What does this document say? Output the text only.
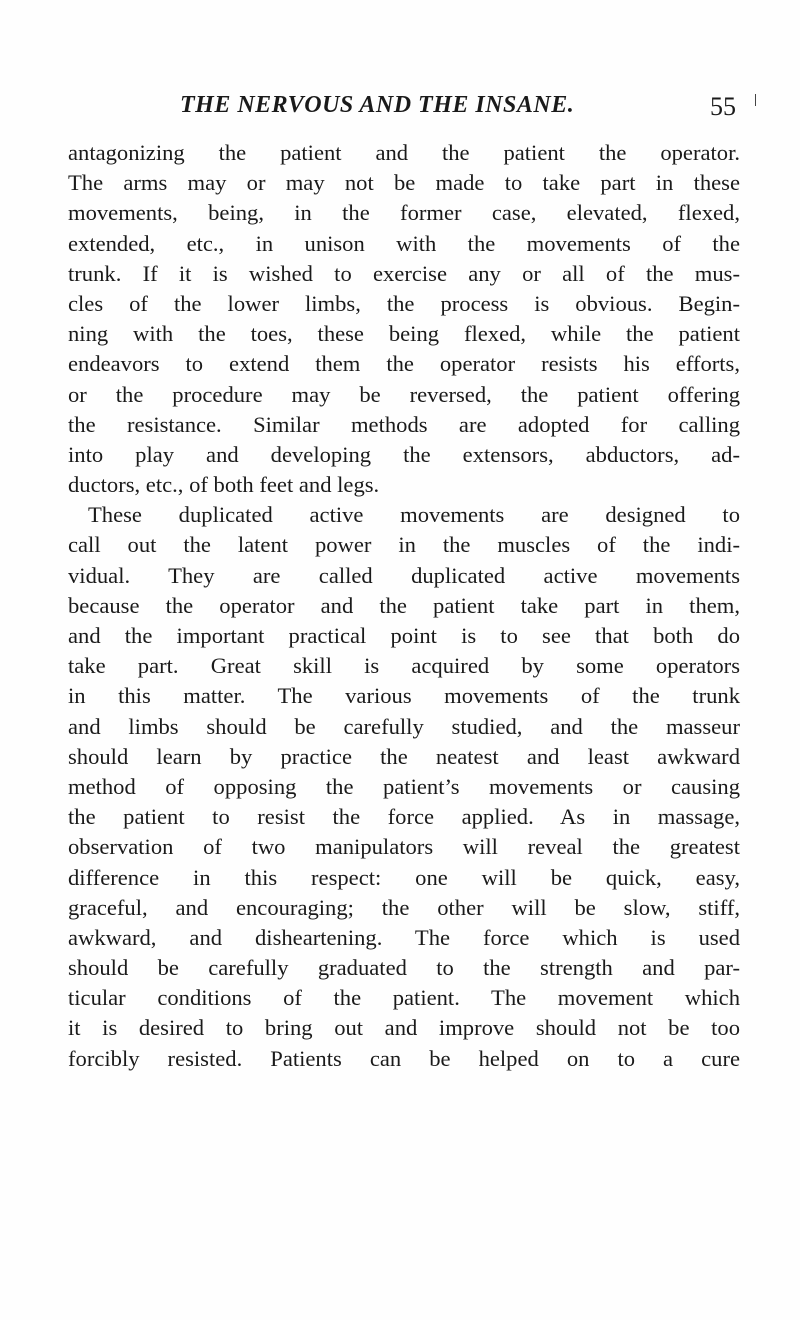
THE NERVOUS AND THE INSANE.	55
antagonizing the patient and the patient the operator.
The arms may or may not be made to take part in these
movements, being, in the former case, elevated, flexed,
extended, etc., in unison with the movements of the
trunk. If it is wished to exercise any or all of the mus-
cles of the lower limbs, the process is obvious. Begin-
ning with the toes, these being flexed, while the patient
endeavors to extend them the operator resists his efforts,
or the procedure may be reversed, the patient offering
the resistance. Similar methods are adopted for calling
into play and developing the extensors, abductors, ad-
ductors, etc., of both feet and legs.
These duplicated active movements are designed to
call out the latent power in the muscles of the indi-
vidual. They are called duplicated active movements
because the operator and the patient take part in them,
and the important practical point is to see that both do
take part. Great skill is acquired by some operators
in this matter. The various movements of the trunk
and limbs should be carefully studied, and the masseur
should learn by practice the neatest and least awkward
method of opposing the patient’s movements or causing
the patient to resist the force applied. As in massage,
observation of two manipulators will reveal the greatest
difference in this respect: one will be quick, easy,
graceful, and encouraging; the other will be slow, stiff,
awkward, and disheartening. The force which is used
should be carefully graduated to the strength and par-
ticular conditions of the patient. The movement which
it is desired to bring out and improve should not be too
forcibly resisted. Patients can be helped on to a cure
